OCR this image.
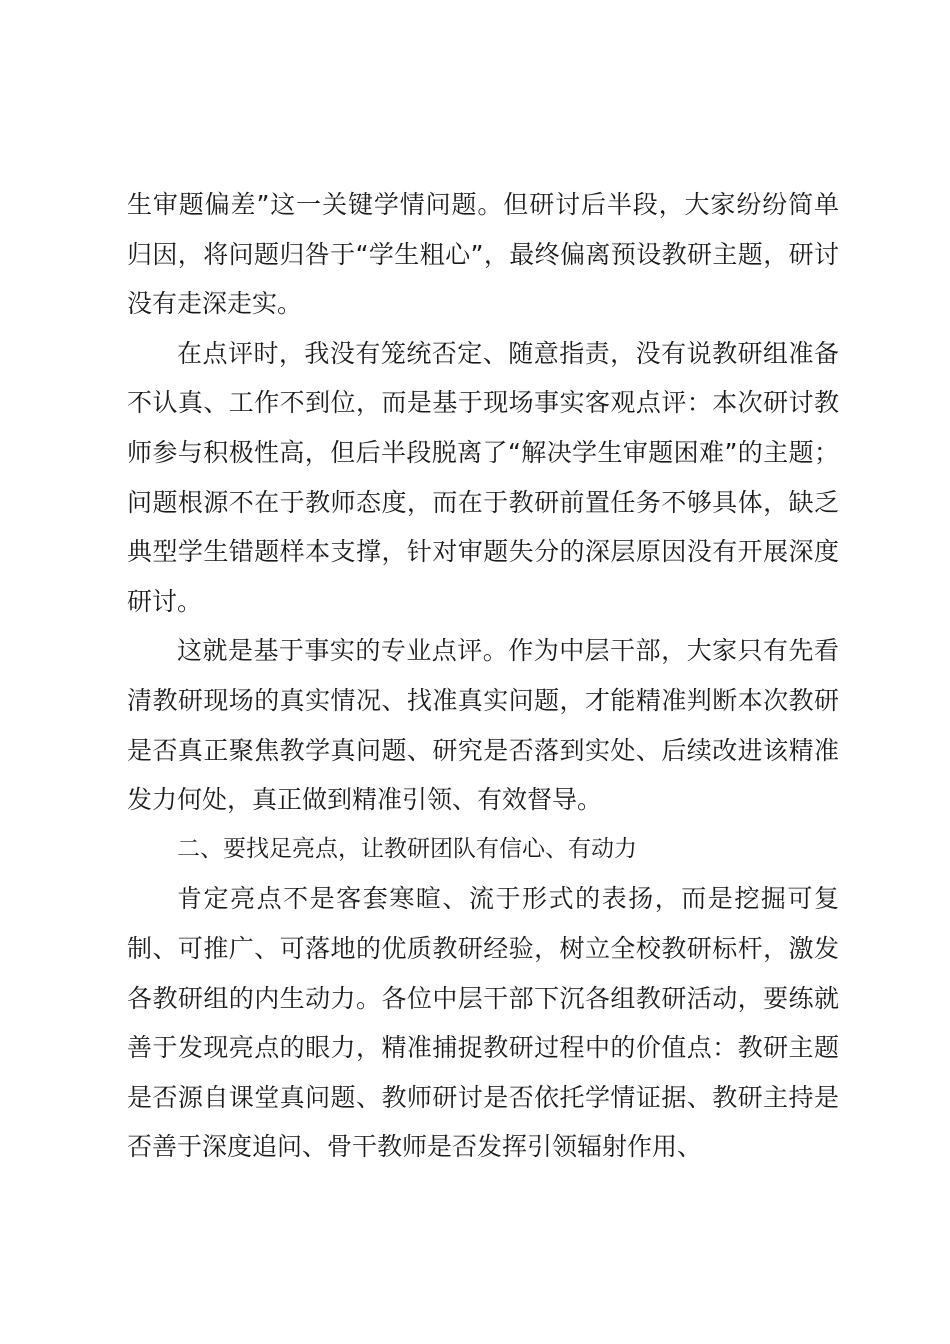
生审题偏差”这一关键学情问题。但研讨后半段，大家纷纷简单归因，将问题归咎于“学生粗心”，最终偏离预设教研主题，研讨没有走深走实。

在点评时，我没有笼统否定、随意指责，没有说教研组准备不认真、工作不到位，而是基于现场事实客观点评：本次研讨教师参与积极性高，但后半段脱离了“解决学生审题困难”的主题；问题根源不在于教师态度，而在于教研前置任务不够具体，缺乏典型学生错题样本支撑，针对审题失分的深层原因没有开展深度研讨。

这就是基于事实的专业点评。作为中层干部，大家只有先看清教研现场的真实情况、找准真实问题，才能精准判断本次教研是否真正聚焦教学真问题、研究是否落到实处、后续改进该精准发力何处，真正做到精准引领、有效督导。

二、要找足亮点，让教研团队有信心、有动力

肯定亮点不是客套寒暄、流于形式的表扬，而是挖掘可复制、可推广、可落地的优质教研经验，树立全校教研标杆，激发各教研组的内生动力。各位中层干部下沉各组教研活动，要练就善于发现亮点的眼力，精准捕捉教研过程中的价值点：教研主题是否源自课堂真问题、教师研讨是否依托学情证据、教研主持是否善于深度追问、骨干教师是否发挥引领辐射作用、
